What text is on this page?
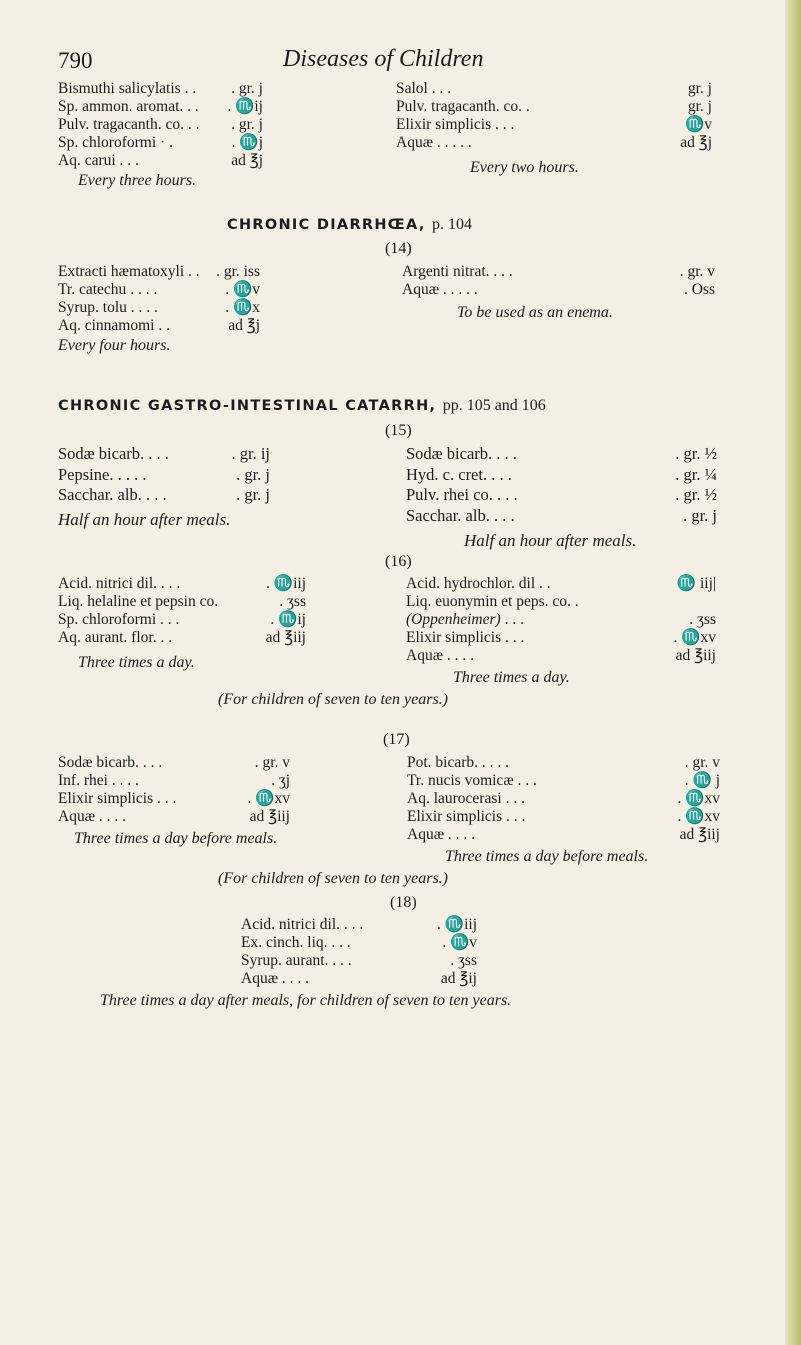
790	Diseases of Children
Bismuthi salicylatis . . . gr. j
Sp. ammon. aromat. . . . ♏ij
Pulv. tragacanth. co. . . . gr. j
Sp. chloroformi · .	. ♏j
Aq. carui . . .	ad ℥j
Every three hours.
Salol . . .	gr. j
Pulv. tragacanth. co. .	gr. j
Elixir simplicis . . .	♏v
Aquæ . . . . .	ad ℥j
Every two hours.
CHRONIC DIARRHŒA, p. 104
(14)
Extracti hæmatoxyli . . . gr. iss
Tr. catechu . . . .	. ♏v
Syrup. tolu . . . .	. ♏x
Aq. cinnamomi . .	ad ℥j
Every four hours.
Argenti nitrat. . . .	. gr. v
Aquæ . . . . .	. Oss
To be used as an enema.
CHRONIC GASTRO-INTESTINAL CATARRH, pp. 105 and 106
(15)
Sodæ bicarb. . . .	. gr. ij
Pepsine. . . . .	. gr. j
Sacchar. alb. . . .	. gr. j
Half an hour after meals.
Sodæ bicarb. . . .	. gr. ½
Hyd. c. cret. . . .	. gr. ¼
Pulv. rhei co. . . .	. gr. ½
Sacchar. alb. . . .	. gr. j
Half an hour after meals.
(16)
Acid. nitrici dil. . . .	. ♏iij
Liq. helaline et pepsin co.	. ʒss
Sp. chloroformi . . .	. ♏ij
Aq. aurant. flor. . .	ad ℥iij
Three times a day.
Acid. hydrochlor. dil . .	♏ iij|
Liq. euonymin et peps. co. .
(Oppenheimer) . . .	. ʒss
Elixir simplicis . . .	. ♏xv
Aquæ . . . .	ad ℥iij
Three times a day.
(For children of seven to ten years.)
(17)
Sodæ bicarb. . . .	. gr. v
Inf. rhei . . . .	. ʒj
Elixir simplicis . . .	. ♏xv
Aquæ . . . .	ad ℥iij
Three times a day before meals.
Pot. bicarb. . . . .	. gr. v
Tr. nucis vomicæ . . .	. ♏ j
Aq. laurocerasi . . .	. ♏xv
Elixir simplicis . . .	. ♏xv
Aquæ . . . .	ad ℥iij
Three times a day before meals.
(For children of seven to ten years.)
(18)
Acid. nitrici dil. . . .	. ♏iij
Ex. cinch. liq. . . .	. ♏v
Syrup. aurant. . . .	. ʒss
Aquæ . . . .	ad ℥ij
Three times a day after meals, for children of seven to ten years.
